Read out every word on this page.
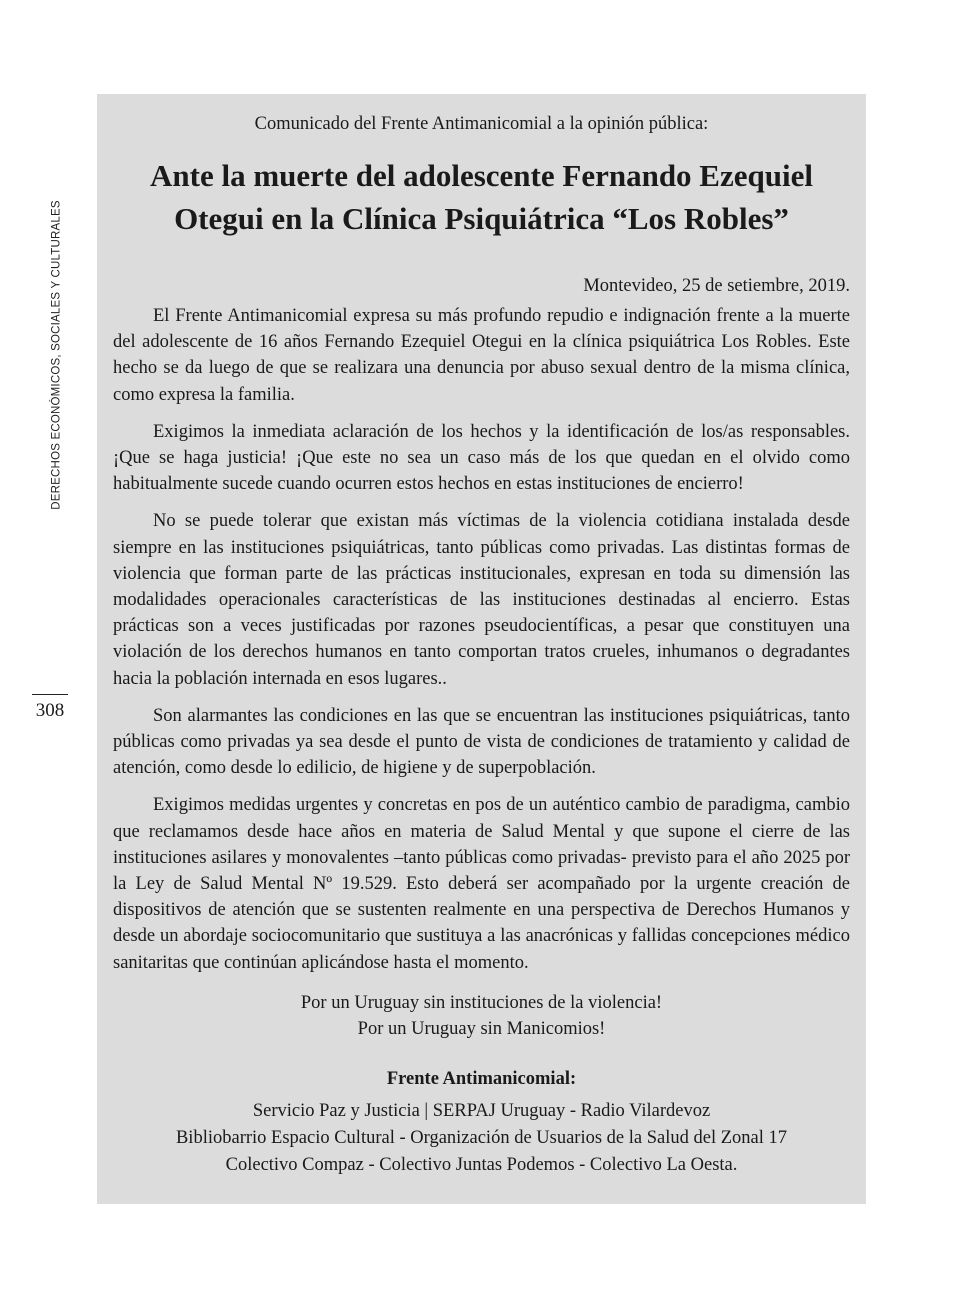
DERECHOS ECONÓMICOS, SOCIALES Y CULTURALES
308

Comunicado del Frente Antimanicomial a la opinión pública:

Ante la muerte del adolescente Fernando Ezequiel
Otegui en la Clínica Psiquiátrica “Los Robles”

Montevideo, 25 de setiembre, 2019.

El Frente Antimanicomial expresa su más profundo repudio e indignación frente a la muerte del adolescente de 16 años Fernando Ezequiel Otegui en la clínica psiquiátrica Los Robles. Este hecho se da luego de que se realizara una denuncia por abuso sexual dentro de la misma clínica, como expresa la familia.

Exigimos la inmediata aclaración de los hechos y la identificación de los/as responsables. ¡Que se haga justicia! ¡Que este no sea un caso más de los que quedan en el olvido como habitualmente sucede cuando ocurren estos hechos en estas instituciones de encierro!

No se puede tolerar que existan más víctimas de la violencia cotidiana instalada desde siempre en las instituciones psiquiátricas, tanto públicas como privadas. Las distintas formas de violencia que forman parte de las prácticas institucionales, expresan en toda su dimensión las modalidades operacionales características de las instituciones destinadas al encierro. Estas prácticas son a veces justificadas por razones pseudocientíficas, a pesar que constituyen una violación de los derechos humanos en tanto comportan tratos crueles, inhumanos o degradantes hacia la población internada en esos lugares..

Son alarmantes las condiciones en las que se encuentran las instituciones psiquiátricas, tanto públicas como privadas ya sea desde el punto de vista de condiciones de tratamiento y calidad de atención, como desde lo edilicio, de higiene y de superpoblación.

Exigimos medidas urgentes y concretas en pos de un auténtico cambio de paradigma, cambio que reclamamos desde hace años en materia de Salud Mental y que supone el cierre de las instituciones asilares y monovalentes –tanto públicas como privadas- previsto para el año 2025 por la Ley de Salud Mental Nº 19.529. Esto deberá ser acompañado por la urgente creación de dispositivos de atención que se sustenten realmente en una perspectiva de Derechos Humanos y desde un abordaje sociocomunitario que sustituya a las anacrónicas y fallidas concepciones médico sanitaritas que continúan aplicándose hasta el momento.

Por un Uruguay sin instituciones de la violencia!
Por un Uruguay sin Manicomios!
Frente Antimanicomial:
Servicio Paz y Justicia | SERPAJ Uruguay - Radio Vilardevoz
Bibliobarrio Espacio Cultural - Organización de Usuarios de la Salud del Zonal 17
Colectivo Compaz - Colectivo Juntas Podemos - Colectivo La Oesta.
